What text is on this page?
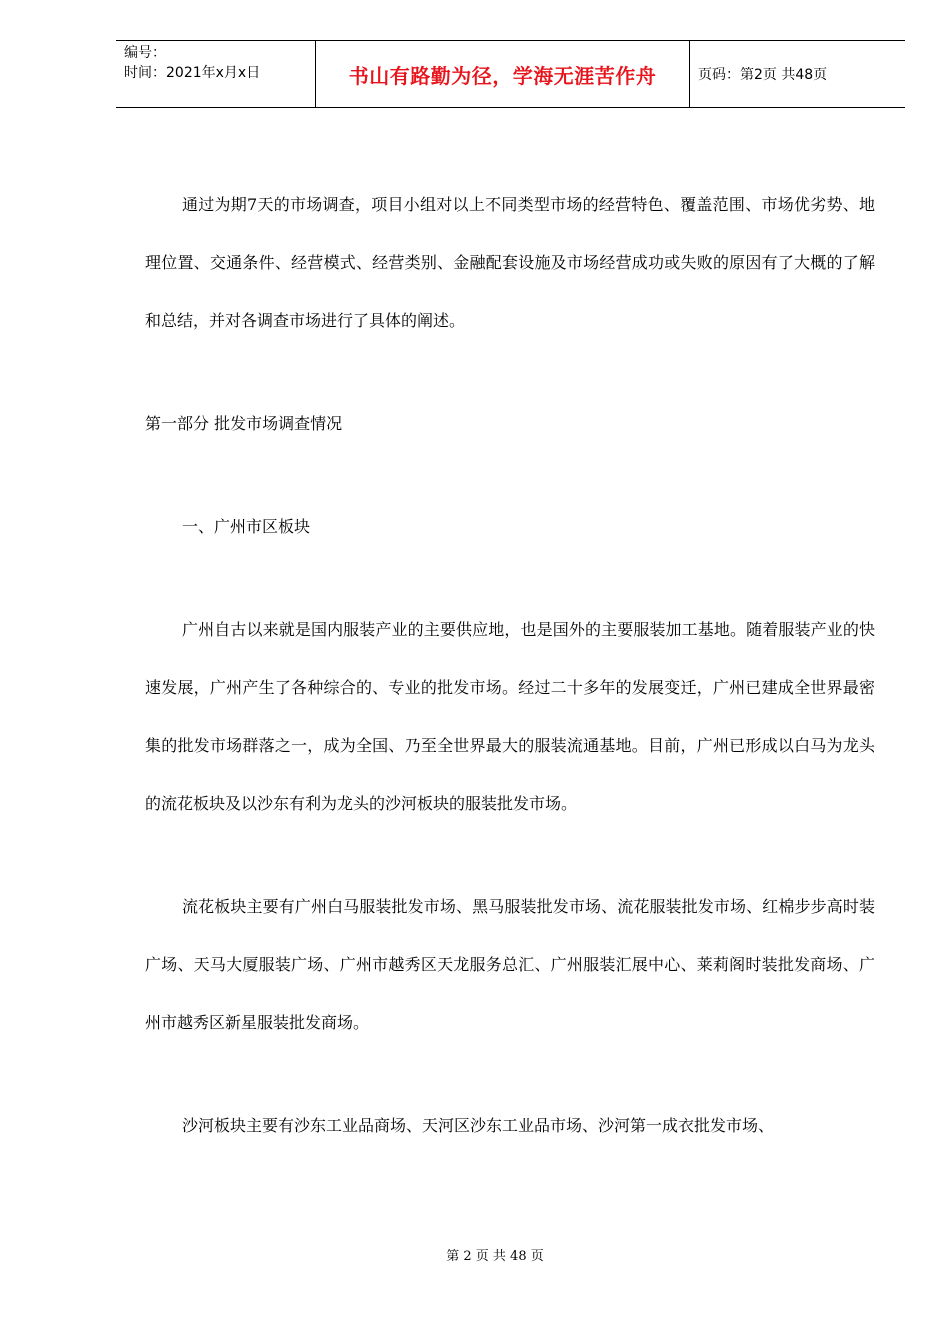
编号：
时间：2021年x月x日	书山有路勤为径，学海无涯苦作舟	页码：第2页 共48页

通过为期7天的市场调查，项目小组对以上不同类型市场的经营特色、覆盖范围、市场优劣势、地理位置、交通条件、经营模式、经营类别、金融配套设施及市场经营成功或失败的原因有了大概的了解和总结，并对各调查市场进行了具体的阐述。

第一部分 批发市场调查情况

一、广州市区板块

广州自古以来就是国内服装产业的主要供应地，也是国外的主要服装加工基地。随着服装产业的快速发展，广州产生了各种综合的、专业的批发市场。经过二十多年的发展变迁，广州已建成全世界最密集的批发市场群落之一，成为全国、乃至全世界最大的服装流通基地。目前，广州已形成以白马为龙头的流花板块及以沙东有利为龙头的沙河板块的服装批发市场。

流花板块主要有广州白马服装批发市场、黑马服装批发市场、流花服装批发市场、红棉步步高时装广场、天马大厦服装广场、广州市越秀区天龙服务总汇、广州服装汇展中心、莱莉阁时装批发商场、广州市越秀区新星服装批发商场。

沙河板块主要有沙东工业品商场、天河区沙东工业品市场、沙河第一成衣批发市场、

第 2 页 共 48 页
